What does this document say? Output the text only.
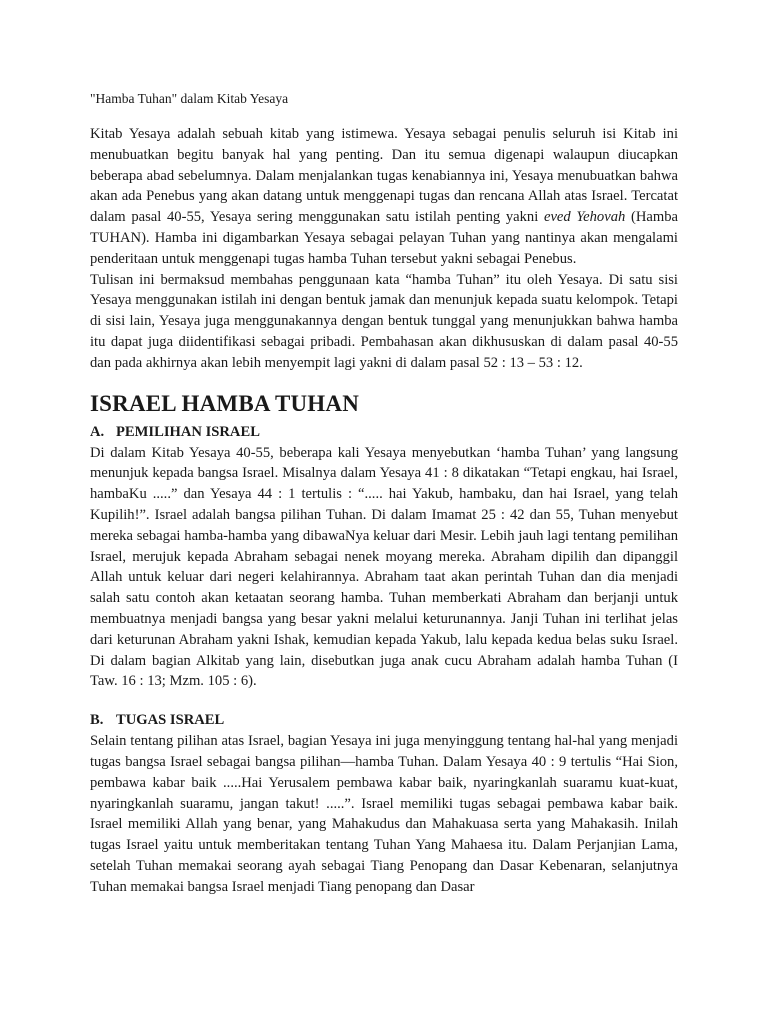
"Hamba Tuhan" dalam Kitab Yesaya

Kitab Yesaya adalah sebuah kitab yang istimewa. Yesaya sebagai penulis seluruh isi Kitab ini menubuatkan begitu banyak hal yang penting. Dan itu semua digenapi walaupun diucapkan beberapa abad sebelumnya. Dalam menjalankan tugas kenabiannya ini, Yesaya menubuatkan bahwa akan ada Penebus yang akan datang untuk menggenapi tugas dan rencana Allah atas Israel. Tercatat dalam pasal 40-55, Yesaya sering menggunakan satu istilah penting yakni eved Yehovah (Hamba TUHAN). Hamba ini digambarkan Yesaya sebagai pelayan Tuhan yang nantinya akan mengalami penderitaan untuk menggenapi tugas hamba Tuhan tersebut yakni sebagai Penebus.

Tulisan ini bermaksud membahas penggunaan kata “hamba Tuhan” itu oleh Yesaya. Di satu sisi Yesaya menggunakan istilah ini dengan bentuk jamak dan menunjuk kepada suatu kelompok. Tetapi di sisi lain, Yesaya juga menggunakannya dengan bentuk tunggal yang menunjukkan bahwa hamba itu dapat juga diidentifikasi sebagai pribadi. Pembahasan akan dikhususkan di dalam pasal 40-55 dan pada akhirnya akan lebih menyempit lagi yakni di dalam pasal 52 : 13 – 53 : 12.

ISRAEL HAMBA TUHAN
A. PEMILIHAN ISRAEL

Di dalam Kitab Yesaya 40-55, beberapa kali Yesaya menyebutkan ‘hamba Tuhan’ yang langsung menunjuk kepada bangsa Israel. Misalnya dalam Yesaya 41 : 8 dikatakan “Tetapi engkau, hai Israel, hambaKu .....” dan Yesaya 44 : 1 tertulis : “..... hai Yakub, hambaku, dan hai Israel, yang telah Kupilih!”. Israel adalah bangsa pilihan Tuhan. Di dalam Imamat 25 : 42 dan 55, Tuhan menyebut mereka sebagai hamba-hamba yang dibawaNya keluar dari Mesir. Lebih jauh lagi tentang pemilihan Israel, merujuk kepada Abraham sebagai nenek moyang mereka. Abraham dipilih dan dipanggil Allah untuk keluar dari negeri kelahirannya. Abraham taat akan perintah Tuhan dan dia menjadi salah satu contoh akan ketaatan seorang hamba. Tuhan memberkati Abraham dan berjanji untuk membuatnya menjadi bangsa yang besar yakni melalui keturunannya. Janji Tuhan ini terlihat jelas dari keturunan Abraham yakni Ishak, kemudian kepada Yakub, lalu kepada kedua belas suku Israel. Di dalam bagian Alkitab yang lain, disebutkan juga anak cucu Abraham adalah hamba Tuhan (I Taw. 16 : 13; Mzm. 105 : 6).

B. TUGAS ISRAEL

Selain tentang pilihan atas Israel, bagian Yesaya ini juga menyinggung tentang hal-hal yang menjadi tugas bangsa Israel sebagai bangsa pilihan—hamba Tuhan. Dalam Yesaya 40 : 9 tertulis “Hai Sion, pembawa kabar baik .....Hai Yerusalem pembawa kabar baik, nyaringkanlah suaramu kuat-kuat, nyaringkanlah suaramu, jangan takut! .....”. Israel memiliki tugas sebagai pembawa kabar baik. Israel memiliki Allah yang benar, yang Mahakudus dan Mahakuasa serta yang Mahakasih. Inilah tugas Israel yaitu untuk memberitakan tentang Tuhan Yang Mahaesa itu. Dalam Perjanjian Lama, setelah Tuhan memakai seorang ayah sebagai Tiang Penopang dan Dasar Kebenaran, selanjutnya Tuhan memakai bangsa Israel menjadi Tiang penopang dan Dasar
